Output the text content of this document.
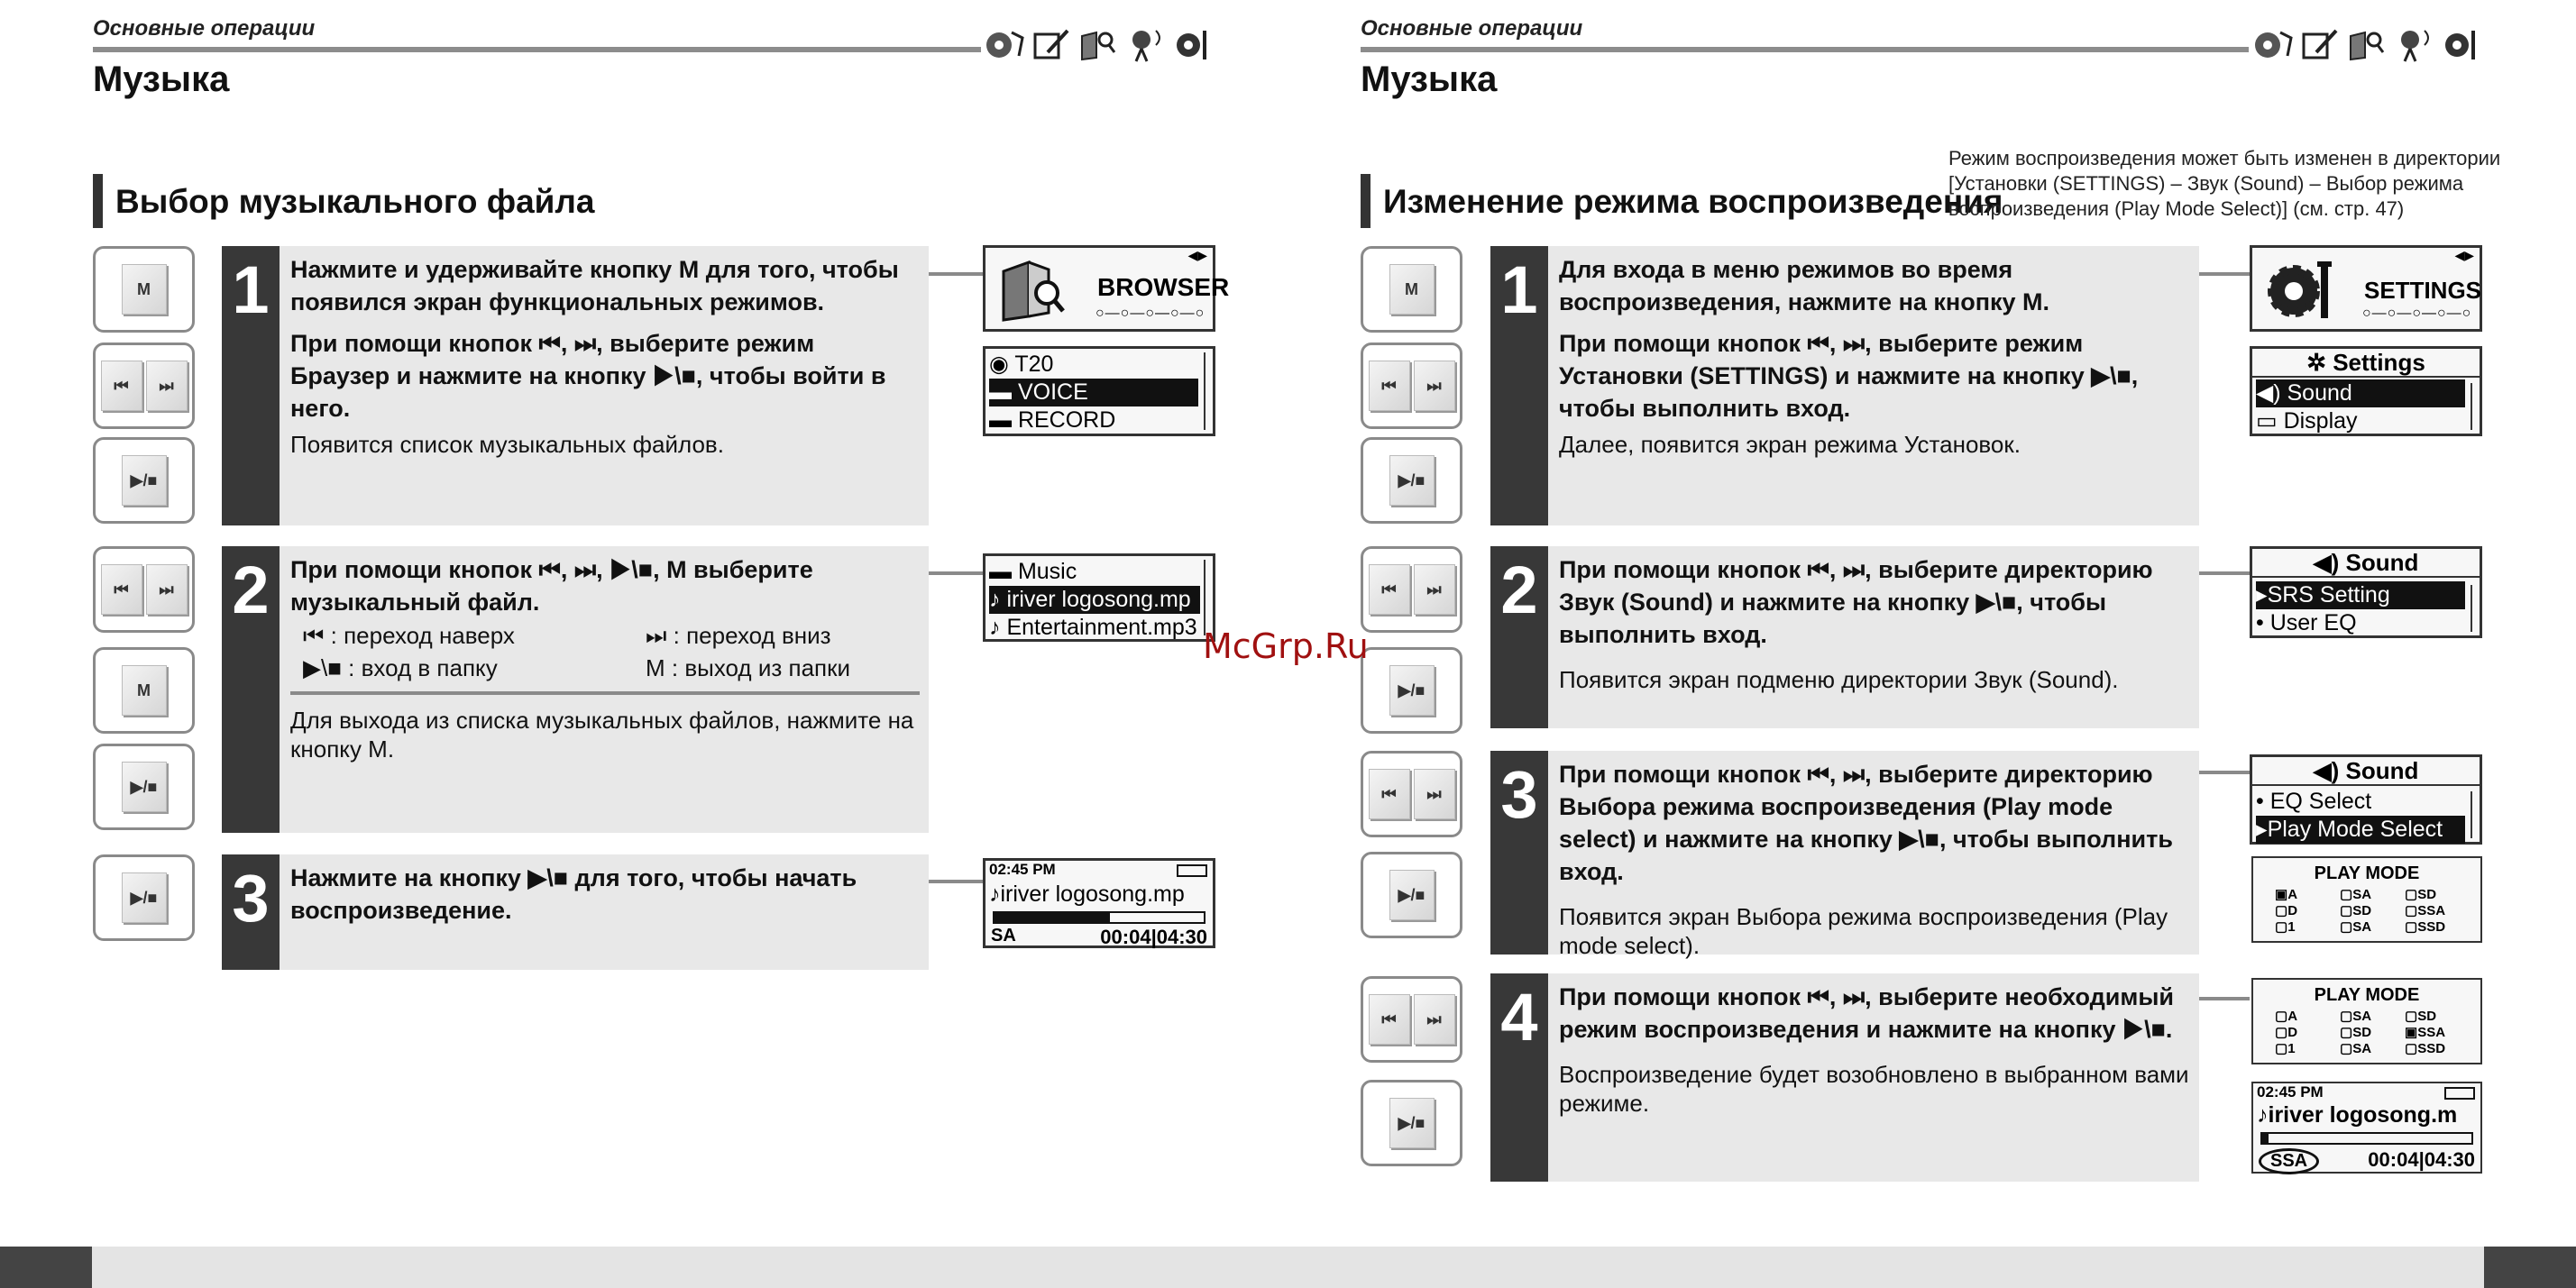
Основные операции
Музыка
Выбор музыкального файла
M
⏮	⏭
▶/■
⏮	⏭
M
▶/■
▶/■
1 Нажмите и удерживайте кнопку M для того, чтобы появился экран функциональных режимов.
При помощи кнопок ⏮, ⏭, выберите режим Браузер и нажмите на кнопку ▶\■, чтобы войти в него.
Появится список музыкальных файлов.
2 При помощи кнопок ⏮, ⏭, ▶\■, M выберите музыкальный файл.
⏮ : переход наверх	⏭ : переход вниз
▶\■ : вход в папку	M : выход из папки
Для выхода из списка музыкальных файлов, нажмите на кнопку M.
3 Нажмите на кнопку ▶\■ для того, чтобы начать воспроизведение.
◀▶
BROWSER
○—○—○—○—○
◉ T20
▬ VOICE
▬ RECORD
▬ Music
♪ iriver logosong.mp
♪ Entertainment.mp3
02:45 PM
♪iriver logosong.mp
SA	00:04|04:30
Основные операции
Музыка
Изменение режима воспроизведения
Режим воспроизведения может быть изменен в директории [Установки (SETTINGS) – Звук (Sound) – Выбор режима воспроизведения (Play Mode Select)] (см. стр. 47)
M
⏮	⏭
▶/■
⏮	⏭
▶/■
⏮	⏭
▶/■
⏮	⏭
▶/■
1 Для входа в меню режимов во время воспроизведения, нажмите на кнопку M.
При помощи кнопок ⏮, ⏭, выберите режим Установки (SETTINGS) и нажмите на кнопку ▶\■, чтобы выполнить вход.
Далее, появится экран режима Установок.
2 При помощи кнопок ⏮, ⏭, выберите директорию Звук (Sound) и нажмите на кнопку ▶\■, чтобы выполнить вход.
Появится экран подменю директории Звук (Sound).
3 При помощи кнопок ⏮, ⏭, выберите директорию Выбора режима воспроизведения (Play mode select) и нажмите на кнопку ▶\■, чтобы выполнить вход.
Появится экран Выбора режима воспроизведения (Play mode select).
4 При помощи кнопок ⏮, ⏭, выберите необходимый режим воспроизведения и нажмите на кнопку ▶\■.
Воспроизведение будет возобновлено в выбранном вами режиме.
◀▶
SETTINGS
○—○—○—○—○
✲ Settings
◀) Sound
▭ Display
◀) Sound
▸SRS Setting
• User EQ
◀) Sound
• EQ Select
▸Play Mode Select
PLAY MODE
▣A	▢SA	▢SD
▢D	▢SD	▢SSA
▢1	▢SA	▢SSD
PLAY MODE
▢A	▢SA	▢SD
▢D	▢SD	▣SSA
▢1	▢SA	▢SSD
02:45 PM
♪iriver logosong.m
SSA	00:04|04:30
McGrp.Ru
